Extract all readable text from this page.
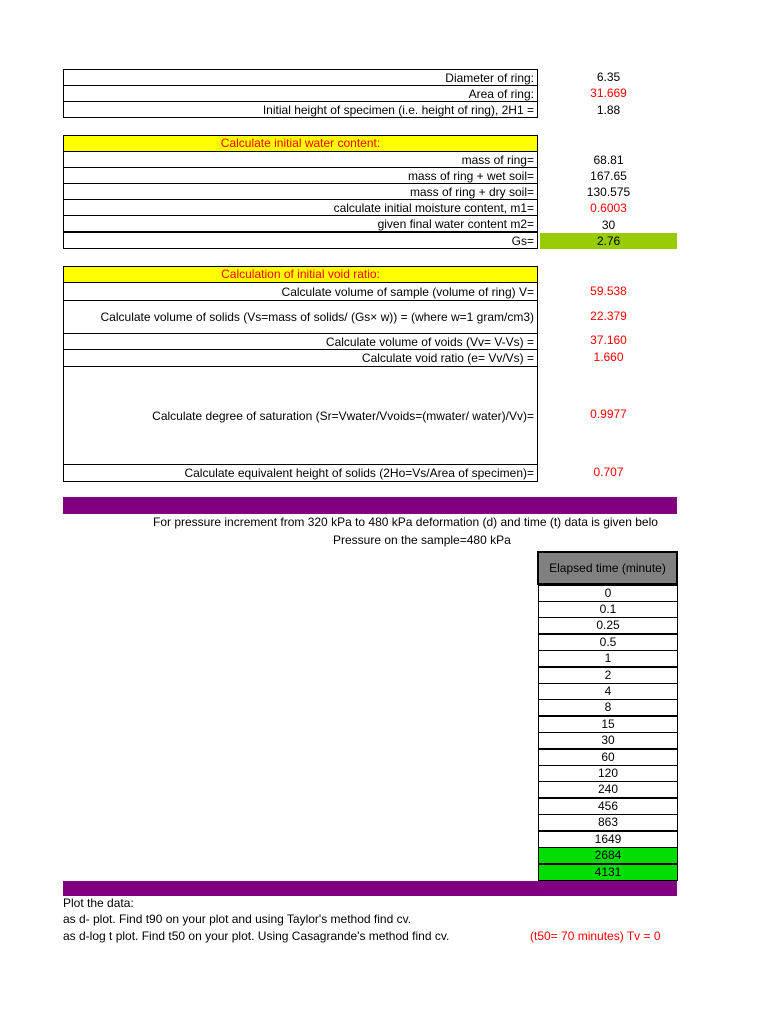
Diameter of ring:	6.35
Area of ring:	31.669
Initial height of specimen (i.e. height of ring), 2H1 =	1.88
Calculate initial water content:
mass of ring=	68.81
mass of ring + wet soil=	167.65
mass of ring + dry soil=	130.575
calculate initial moisture content, m1=	0.6003
given final water content m2=	30
Gs=	2.76
Calculation of initial void ratio:
Calculate volume of sample (volume of ring) V=	59.538
Calculate volume of solids (Vs=mass of solids/ (Gs× w)) = (where w=1 gram/cm3)	22.379
Calculate volume of voids (Vv= V-Vs) =	37.160
Calculate void ratio (e= Vv/Vs) =	1.660
Calculate degree of saturation (Sr=Vwater/Vvoids=(mwater/ water)/Vv)=	0.9977
Calculate equivalent height of solids (2Ho=Vs/Area of specimen)=	0.707
For pressure increment from 320 kPa to 480 kPa deformation (d) and time (t) data is given belo
Pressure on the sample=480 kPa
Elapsed time (minute)
0
0.1
0.25
0.5
1
2
4
8
15
30
60
120
240
456
863
1649
2684
4131
Plot the data:
as d- plot. Find t90 on your plot and using Taylor's method find cv.
as d-log t plot. Find t50 on your plot. Using Casagrande's method find cv.	(t50= 70 minutes) Tv = 0
